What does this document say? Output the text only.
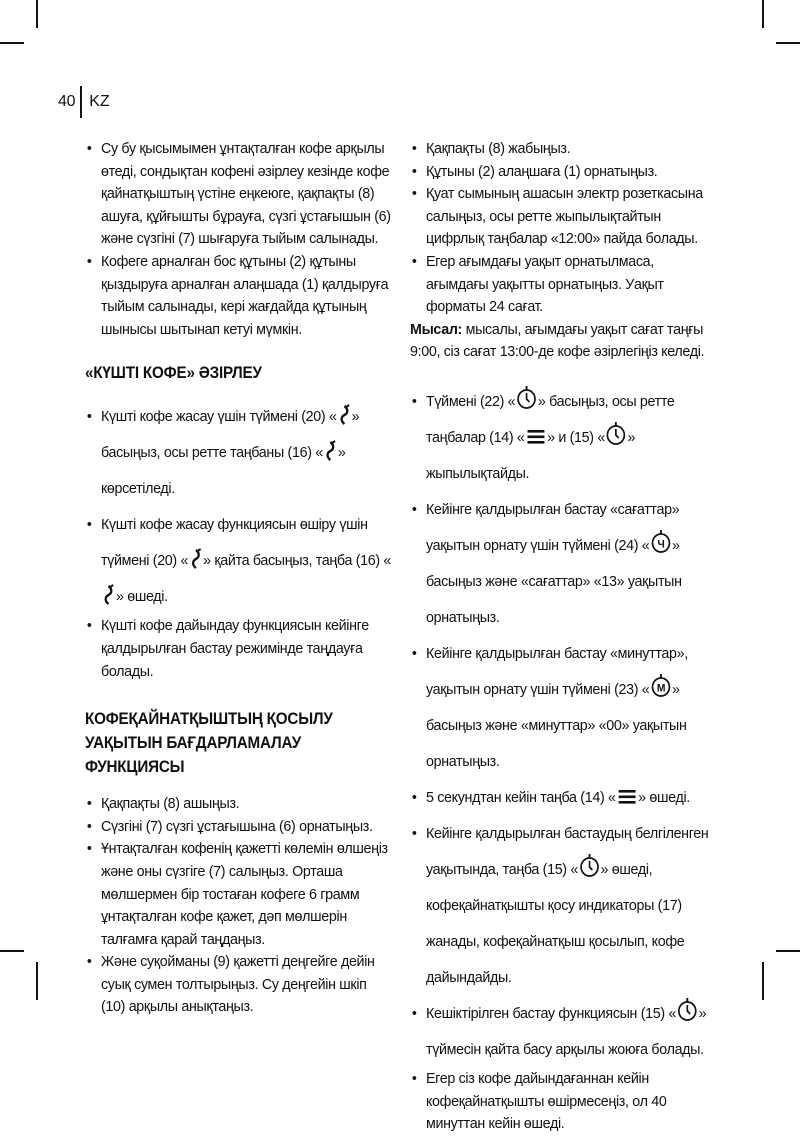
40 KZ
• Су бу қысымымен ұнтақталған кофе арқылы өтеді, сондықтан кофені әзірлеу кезінде кофе қайнатқыштың үстіне еңкеюге, қақпақты (8) ашуға, құйғышты бұрауға, сүзгі ұстағышын (6) және сүзгіні (7) шығаруға тыйым салынады.
• Кофеге арналған бос құтыны (2) құтыны қыздыруға арналған алаңшада (1) қалдыруға тыйым салынады, кері жағдайда құтының шынысы шытынап кетуі мүмкін.
«КҮШТІ КОФЕ» ӘЗІРЛЕУ
• Күшті кофе жасау үшін түймені (20) « » басыңыз, осы ретте таңбаны (16) « » көрсетіледі.
• Күшті кофе жасау функциясын өшіру үшін түймені (20) « » қайта басыңыз, таңба (16) «
» өшеді.
• Күшті кофе дайындау функциясын кейінге қалдырылған бастау режимінде таңдауға болады.
КОФЕҚАЙНАТҚЫШТЫҢ ҚОСЫЛУ УАҚЫТЫН БАҒДАРЛАМАЛАУ ФУНКЦИЯСЫ
• Қақпақты (8) ашыңыз.
• Сүзгіні (7) сүзгі ұстағышына (6) орнатыңыз.
• Ұнтақталған кофенің қажетті көлемін өлшеңіз және оны сүзгіге (7) салыңыз. Орташа мөлшермен бір тостаған кофеге 6 грамм ұнтақталған кофе қажет, дәп мөлшерін талғамға қарай таңдаңыз.
• Және суқойманы (9) қажетті деңгейге дейін суық сумен толтырыңыз. Су деңгейін шкіп (10) арқылы анықтаңыз.
• Қақпақты (8) жабыңыз.
• Құтыны (2) алаңшаға (1) орнатыңыз.
• Қуат сымының ашасын электр розеткасына салыңыз, осы ретте жыпылықтайтын цифрлық таңбалар «12:00» пайда болады.
• Егер ағымдағы уақыт орнатылмаса, ағымдағы уақытты орнатыңыз. Уақыт форматы 24 сағат.

Мысал: мысалы, ағымдағы уақыт сағат таңғы 9:00, сіз сағат 13:00-де кофе әзірлегіңіз келеді.

• Түймені (22) « » басыңыз, осы ретте таңбалар (14) « » и (15) « » жыпылықтайды.
• Кейінге қалдырылған бастау «сағаттар» уақытын орнату үшін түймені (24) « Ч » басыңыз және «сағаттар» «13» уақытын орнатыңыз.
• Кейінге қалдырылған бастау «минуттар», уақытын орнату үшін түймені (23) « М » басыңыз және «минуттар» «00» уақытын орнатыңыз.
• 5 секундтан кейін таңба (14) « » өшеді.
• Кейінге қалдырылған бастаудың белгіленген уақытында, таңба (15) « » өшеді, кофеқайнатқышты қосу индикаторы (17) жанады, кофеқайнатқыш қосылып, кофе дайындайды.
• Кешіктірілген бастау функциясын (15) « » түймесін қайта басу арқылы жоюға болады.
• Егер сіз кофе дайындағаннан кейін кофеқайнатқышты өшірмесеңіз, ол 40 минуттан кейін өшеді.
